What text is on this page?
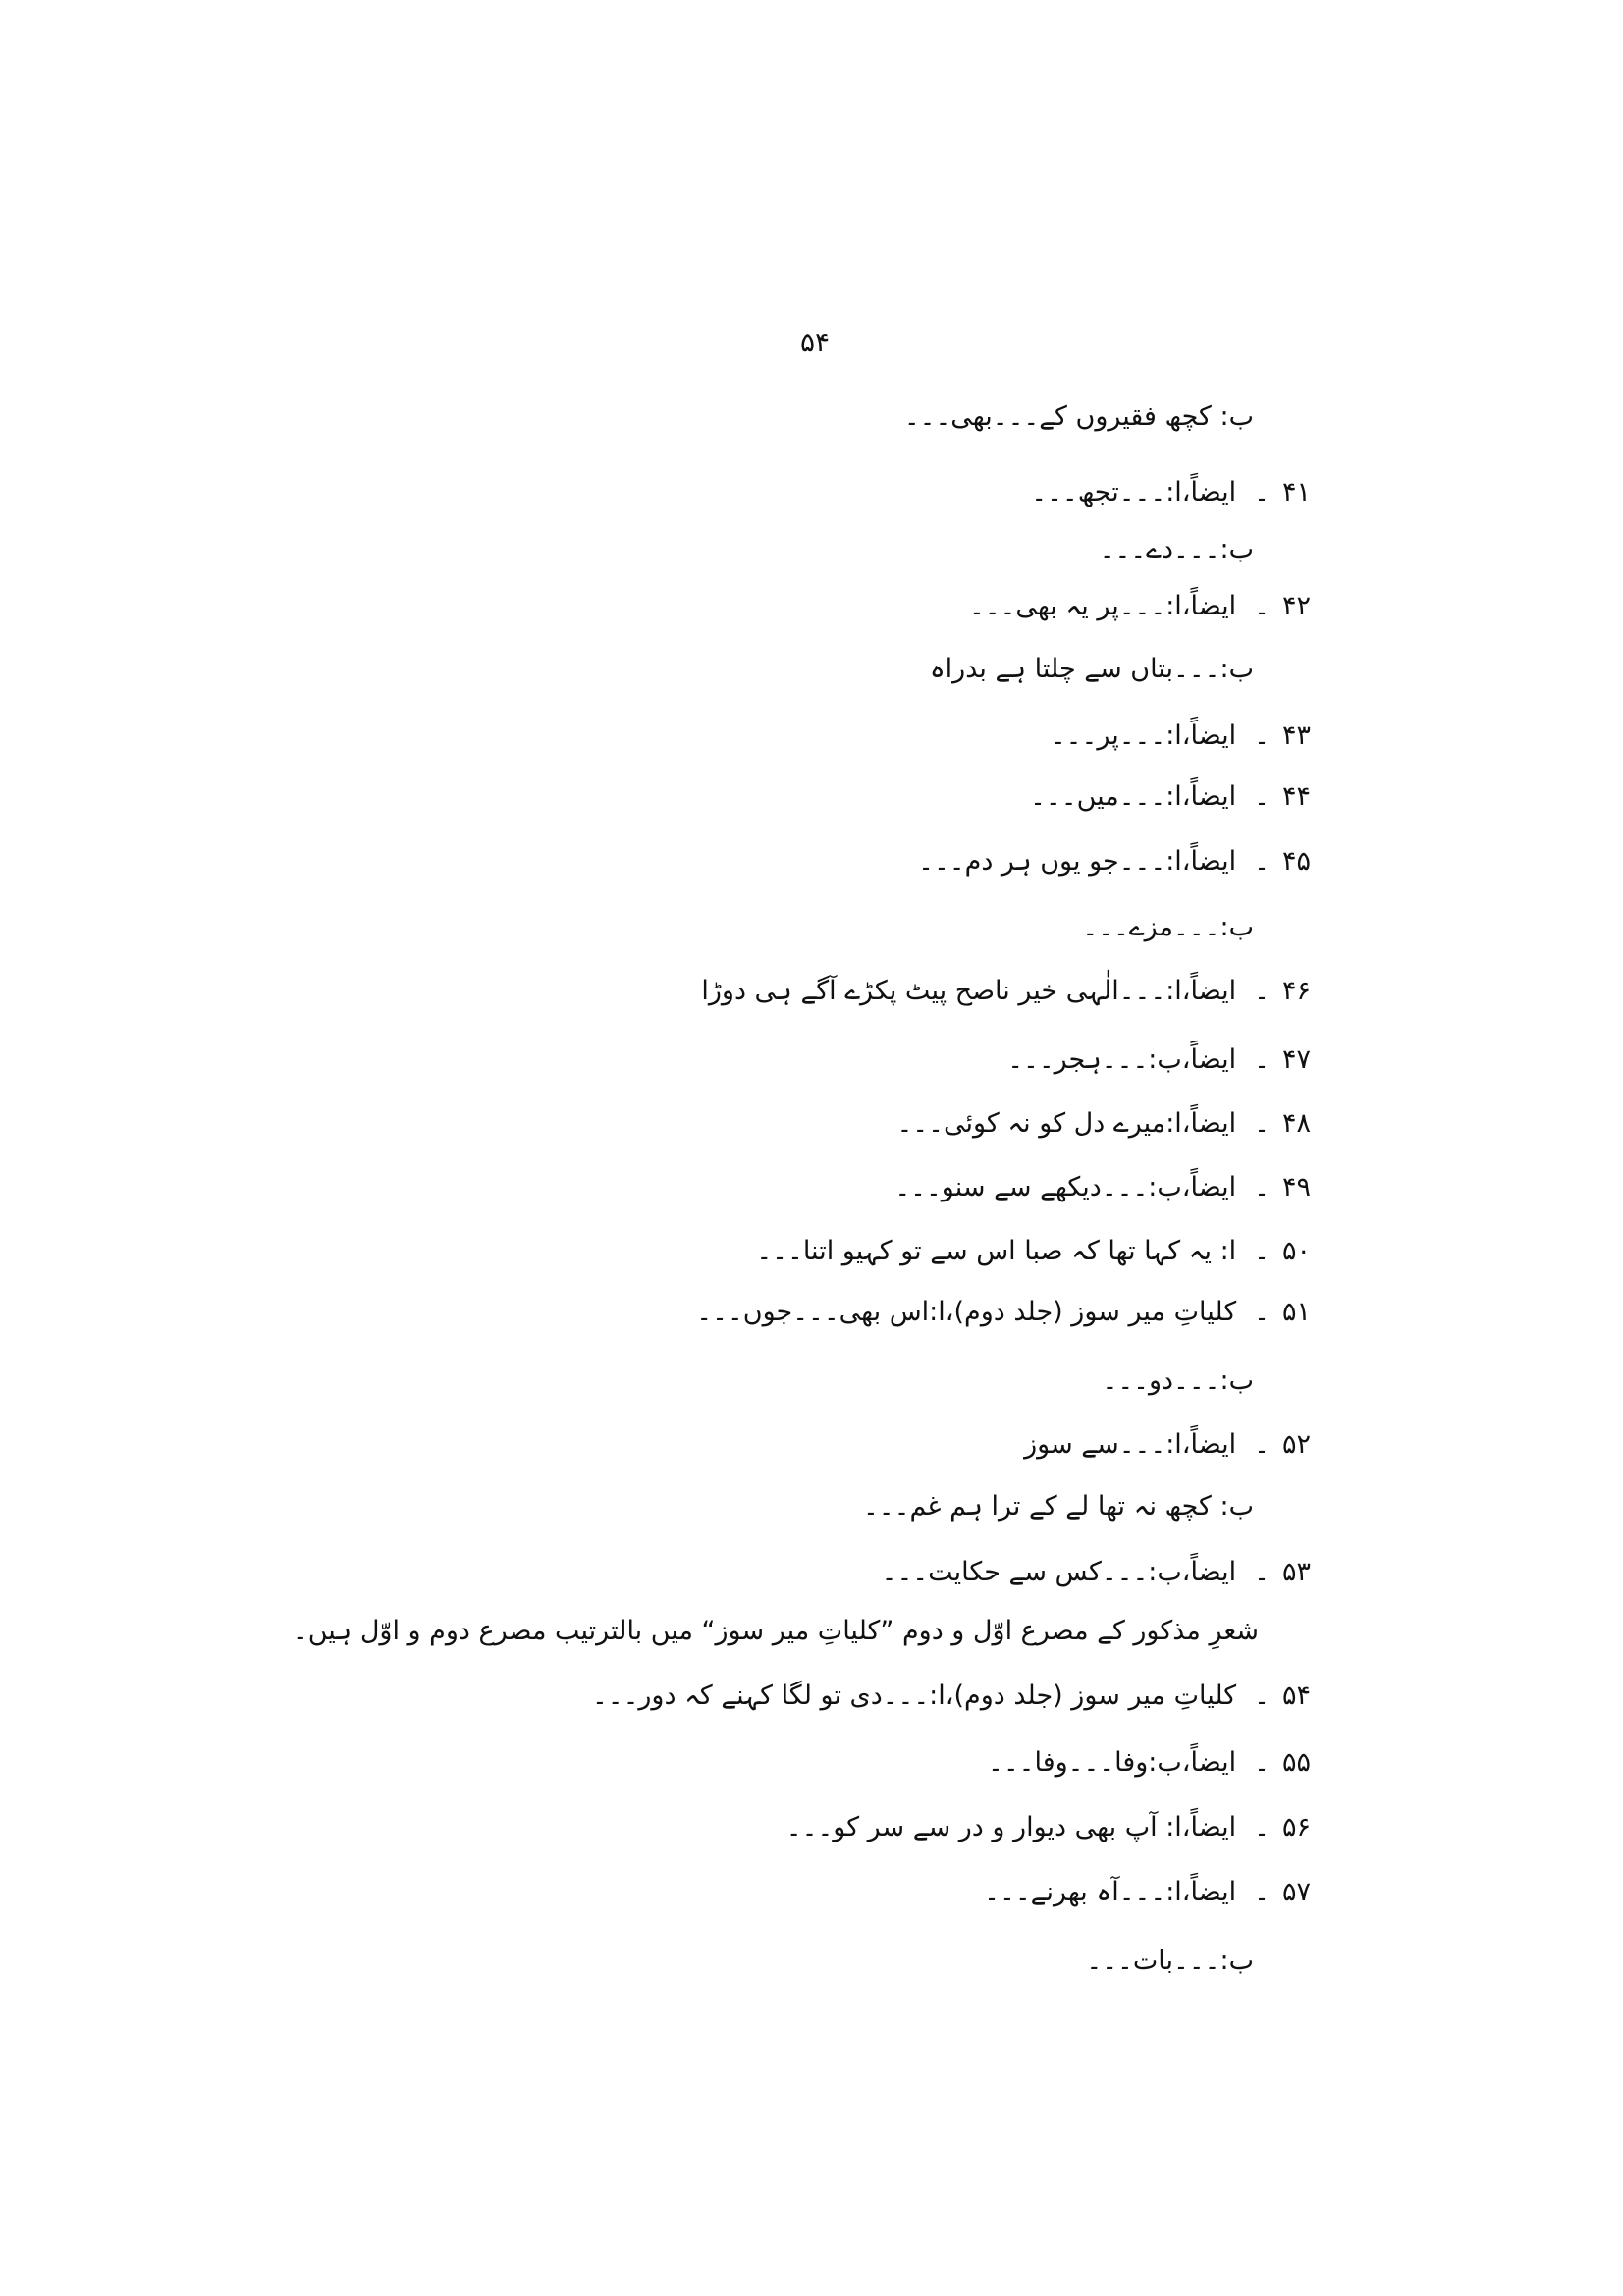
۵۴
ب: کچھ فقیروں کے۔۔۔بھی۔۔۔
۴۱۔ایضاً،ا:۔۔۔تجھ۔۔۔
ب:۔۔۔دے۔۔۔
۴۲۔ایضاً،ا:۔۔۔پر یہ بھی۔۔۔
ب:۔۔۔بتاں سے چلتا ہے بدراہ
۴۳۔ایضاً،ا:۔۔۔پر۔۔۔
۴۴۔ایضاً،ا:۔۔۔میں۔۔۔
۴۵۔ایضاً،ا:۔۔۔جو یوں ہر دم۔۔۔
ب:۔۔۔مزے۔۔۔
۴۶۔ایضاً،ا:۔۔۔الٰہی خیر ناصح پیٹ پکڑے آگے ہی دوڑا
۴۷۔ایضاً،ب:۔۔۔ہجر۔۔۔
۴۸۔ایضاً،ا:میرے دل کو نہ کوئی۔۔۔
۴۹۔ایضاً،ب:۔۔۔دیکھے سے سنو۔۔۔
۵۰۔ا: یہ کہا تھا کہ صبا اس سے تو کہیو اتنا۔۔۔
۵۱۔کلیاتِ میر سوز (جلد دوم)،ا:اس بھی۔۔۔جوں۔۔۔
ب:۔۔۔دو۔۔۔
۵۲۔ایضاً،ا:۔۔۔سے سوز
ب: کچھ نہ تھا لے کے ترا ہم غم۔۔۔
۵۳۔ایضاً،ب:۔۔۔کس سے حکایت۔۔۔
شعرِ مذکور کے مصرع اوّل و دوم ”کلیاتِ میر سوز“ میں بالترتیب مصرع دوم و اوّل ہیں۔
۵۴۔کلیاتِ میر سوز (جلد دوم)،ا:۔۔۔دی تو لگا کہنے کہ دور۔۔۔
۵۵۔ایضاً،ب:وفا۔۔۔وفا۔۔۔
۵۶۔ایضاً،ا: آپ بھی دیوار و در سے سر کو۔۔۔
۵۷۔ایضاً،ا:۔۔۔آہ بھرنے۔۔۔
ب:۔۔۔بات۔۔۔
